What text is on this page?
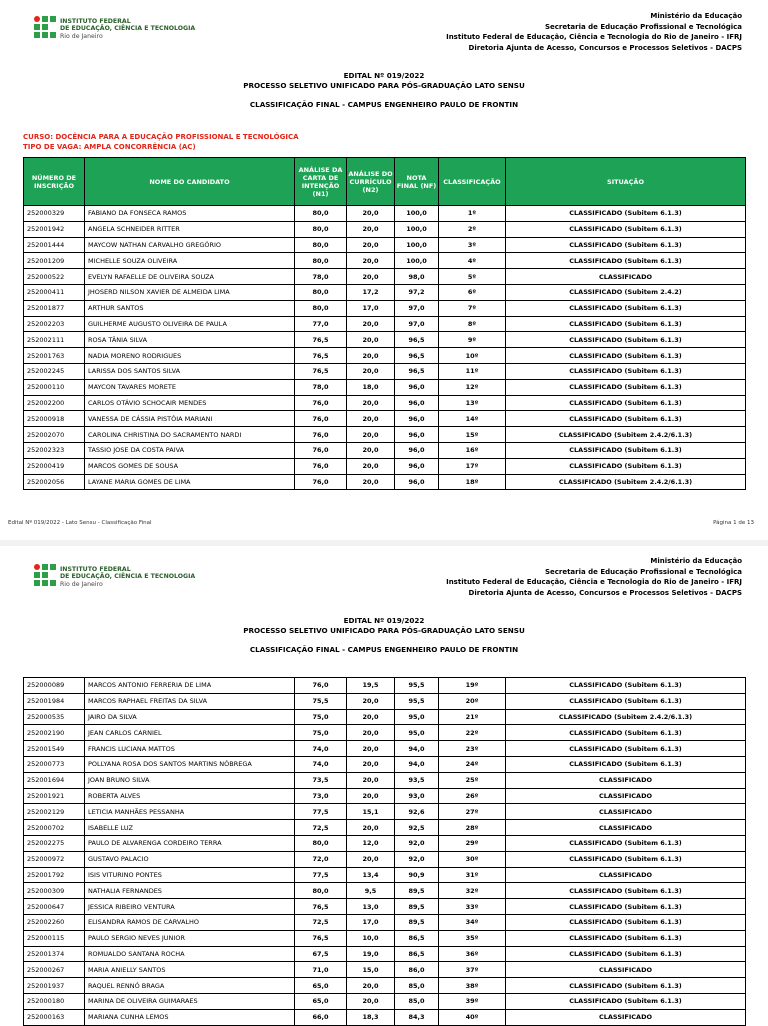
INSTITUTO FEDERAL
DE EDUCAÇÃO, CIÊNCIA E TECNOLOGIA
Rio de Janeiro
Ministério da Educação
Secretaria de Educação Profissional e Tecnológica
Instituto Federal de Educação, Ciência e Tecnologia do Rio de Janeiro - IFRJ
Diretoria Ajunta de Acesso, Concursos e Processos Seletivos - DACPS
EDITAL Nº 019/2022
PROCESSO SELETIVO UNIFICADO PARA PÓS-GRADUAÇÃO LATO SENSU
CLASSIFICAÇÃO FINAL - CAMPUS ENGENHEIRO PAULO DE FRONTIN
CURSO: DOCÊNCIA PARA A EDUCAÇÃO PROFISSIONAL E TECNOLÓGICA
TIPO DE VAGA: AMPLA CONCORRÊNCIA (AC)
NÚMERO DE INSCRIÇÃO	NOME DO CANDIDATO	ANÁLISE DA CARTA DE INTENÇÃO (N1)	ANÁLISE DO CURRÍCULO (N2)	NOTA FINAL (NF)	CLASSIFICAÇÃO	SITUAÇÃO
252000329	FABIANO DA FONSECA RAMOS	80,0	20,0	100,0	1º	CLASSIFICADO (Subitem 6.1.3)
252001942	ANGELA SCHNEIDER RITTER	80,0	20,0	100,0	2º	CLASSIFICADO (Subitem 6.1.3)
252001444	MAYCOW NATHAN CARVALHO GREGÓRIO	80,0	20,0	100,0	3º	CLASSIFICADO (Subitem 6.1.3)
252001209	MICHELLE SOUZA OLIVEIRA	80,0	20,0	100,0	4º	CLASSIFICADO (Subitem 6.1.3)
252000522	EVELYN RAFAELLE DE OLIVEIRA SOUZA	78,0	20,0	98,0	5º	CLASSIFICADO
252000411	JHOSERD NILSON XAVIER DE ALMEIDA LIMA	80,0	17,2	97,2	6º	CLASSIFICADO (Subitem 2.4.2)
252001877	ARTHUR SANTOS	80,0	17,0	97,0	7º	CLASSIFICADO (Subitem 6.1.3)
252002203	GUILHERME AUGUSTO OLIVEIRA DE PAULA	77,0	20,0	97,0	8º	CLASSIFICADO (Subitem 6.1.3)
252002111	ROSA TÂNIA SILVA	76,5	20,0	96,5	9º	CLASSIFICADO (Subitem 6.1.3)
252001763	NADIA MORENO RODRIGUES	76,5	20,0	96,5	10º	CLASSIFICADO (Subitem 6.1.3)
252002245	LARISSA DOS SANTOS SILVA	76,5	20,0	96,5	11º	CLASSIFICADO (Subitem 6.1.3)
252000110	MAYCON TAVARES MORETE	78,0	18,0	96,0	12º	CLASSIFICADO (Subitem 6.1.3)
252002200	CARLOS OTÁVIO SCHOCAIR MENDES	76,0	20,0	96,0	13º	CLASSIFICADO (Subitem 6.1.3)
252000918	VANESSA DE CÁSSIA PISTÓIA MARIANI	76,0	20,0	96,0	14º	CLASSIFICADO (Subitem 6.1.3)
252002070	CAROLINA CHRISTINA DO SACRAMENTO NARDI	76,0	20,0	96,0	15º	CLASSIFICADO (Subitem 2.4.2/6.1.3)
252002323	TASSIO JOSE DA COSTA PAIVA	76,0	20,0	96,0	16º	CLASSIFICADO (Subitem 6.1.3)
252000419	MARCOS GOMES DE SOUSA	76,0	20,0	96,0	17º	CLASSIFICADO (Subitem 6.1.3)
252002056	LAYANE MARIA GOMES DE LIMA	76,0	20,0	96,0	18º	CLASSIFICADO (Subitem 2.4.2/6.1.3)
Edital Nº 019/2022 - Lato Sensu - Classificação Final	Página 1 de 13
INSTITUTO FEDERAL
DE EDUCAÇÃO, CIÊNCIA E TECNOLOGIA
Rio de Janeiro
Ministério da Educação
Secretaria de Educação Profissional e Tecnológica
Instituto Federal de Educação, Ciência e Tecnologia do Rio de Janeiro - IFRJ
Diretoria Ajunta de Acesso, Concursos e Processos Seletivos - DACPS
EDITAL Nº 019/2022
PROCESSO SELETIVO UNIFICADO PARA PÓS-GRADUAÇÃO LATO SENSU
CLASSIFICAÇÃO FINAL - CAMPUS ENGENHEIRO PAULO DE FRONTIN
252000089	MARCOS ANTONIO FERRERIA DE LIMA	76,0	19,5	95,5	19º	CLASSIFICADO (Subitem 6.1.3)
252001984	MARCOS RAPHAEL FREITAS DA SILVA	75,5	20,0	95,5	20º	CLASSIFICADO (Subitem 6.1.3)
252000535	JAIRO DA SILVA	75,0	20,0	95,0	21º	CLASSIFICADO (Subitem 2.4.2/6.1.3)
252002190	JEAN CARLOS CARNIEL	75,0	20,0	95,0	22º	CLASSIFICADO (Subitem 6.1.3)
252001549	FRANCIS LUCIANA MATTOS	74,0	20,0	94,0	23º	CLASSIFICADO (Subitem 6.1.3)
252000773	POLLYANA ROSA DOS SANTOS MARTINS NÓBREGA	74,0	20,0	94,0	24º	CLASSIFICADO (Subitem 6.1.3)
252001694	JOAN BRUNO SILVA	73,5	20,0	93,5	25º	CLASSIFICADO
252001921	ROBERTA ALVES	73,0	20,0	93,0	26º	CLASSIFICADO
252002129	LETICIA MANHÃES PESSANHA	77,5	15,1	92,6	27º	CLASSIFICADO
252000702	ISABELLE LUZ	72,5	20,0	92,5	28º	CLASSIFICADO
252002275	PAULO DE ALVARENGA CORDEIRO TERRA	80,0	12,0	92,0	29º	CLASSIFICADO (Subitem 6.1.3)
252000972	GUSTAVO PALACIO	72,0	20,0	92,0	30º	CLASSIFICADO (Subitem 6.1.3)
252001792	ISIS VITURINO PONTES	77,5	13,4	90,9	31º	CLASSIFICADO
252000309	NATHALIA FERNANDES	80,0	9,5	89,5	32º	CLASSIFICADO (Subitem 6.1.3)
252000647	JESSICA RIBEIRO VENTURA	76,5	13,0	89,5	33º	CLASSIFICADO (Subitem 6.1.3)
252002260	ELISANDRA RAMOS DE CARVALHO	72,5	17,0	89,5	34º	CLASSIFICADO (Subitem 6.1.3)
252000115	PAULO SERGIO NEVES JUNIOR	76,5	10,0	86,5	35º	CLASSIFICADO (Subitem 6.1.3)
252001374	ROMUALDO SANTANA ROCHA	67,5	19,0	86,5	36º	CLASSIFICADO (Subitem 6.1.3)
252000267	MARIA ANIELLY SANTOS	71,0	15,0	86,0	37º	CLASSIFICADO
252001937	RAQUEL RENNÓ BRAGA	65,0	20,0	85,0	38º	CLASSIFICADO (Subitem 6.1.3)
252000180	MARINA DE OLIVEIRA GUIMARAES	65,0	20,0	85,0	39º	CLASSIFICADO (Subitem 6.1.3)
252000163	MARIANA CUNHA LEMOS	66,0	18,3	84,3	40º	CLASSIFICADO
